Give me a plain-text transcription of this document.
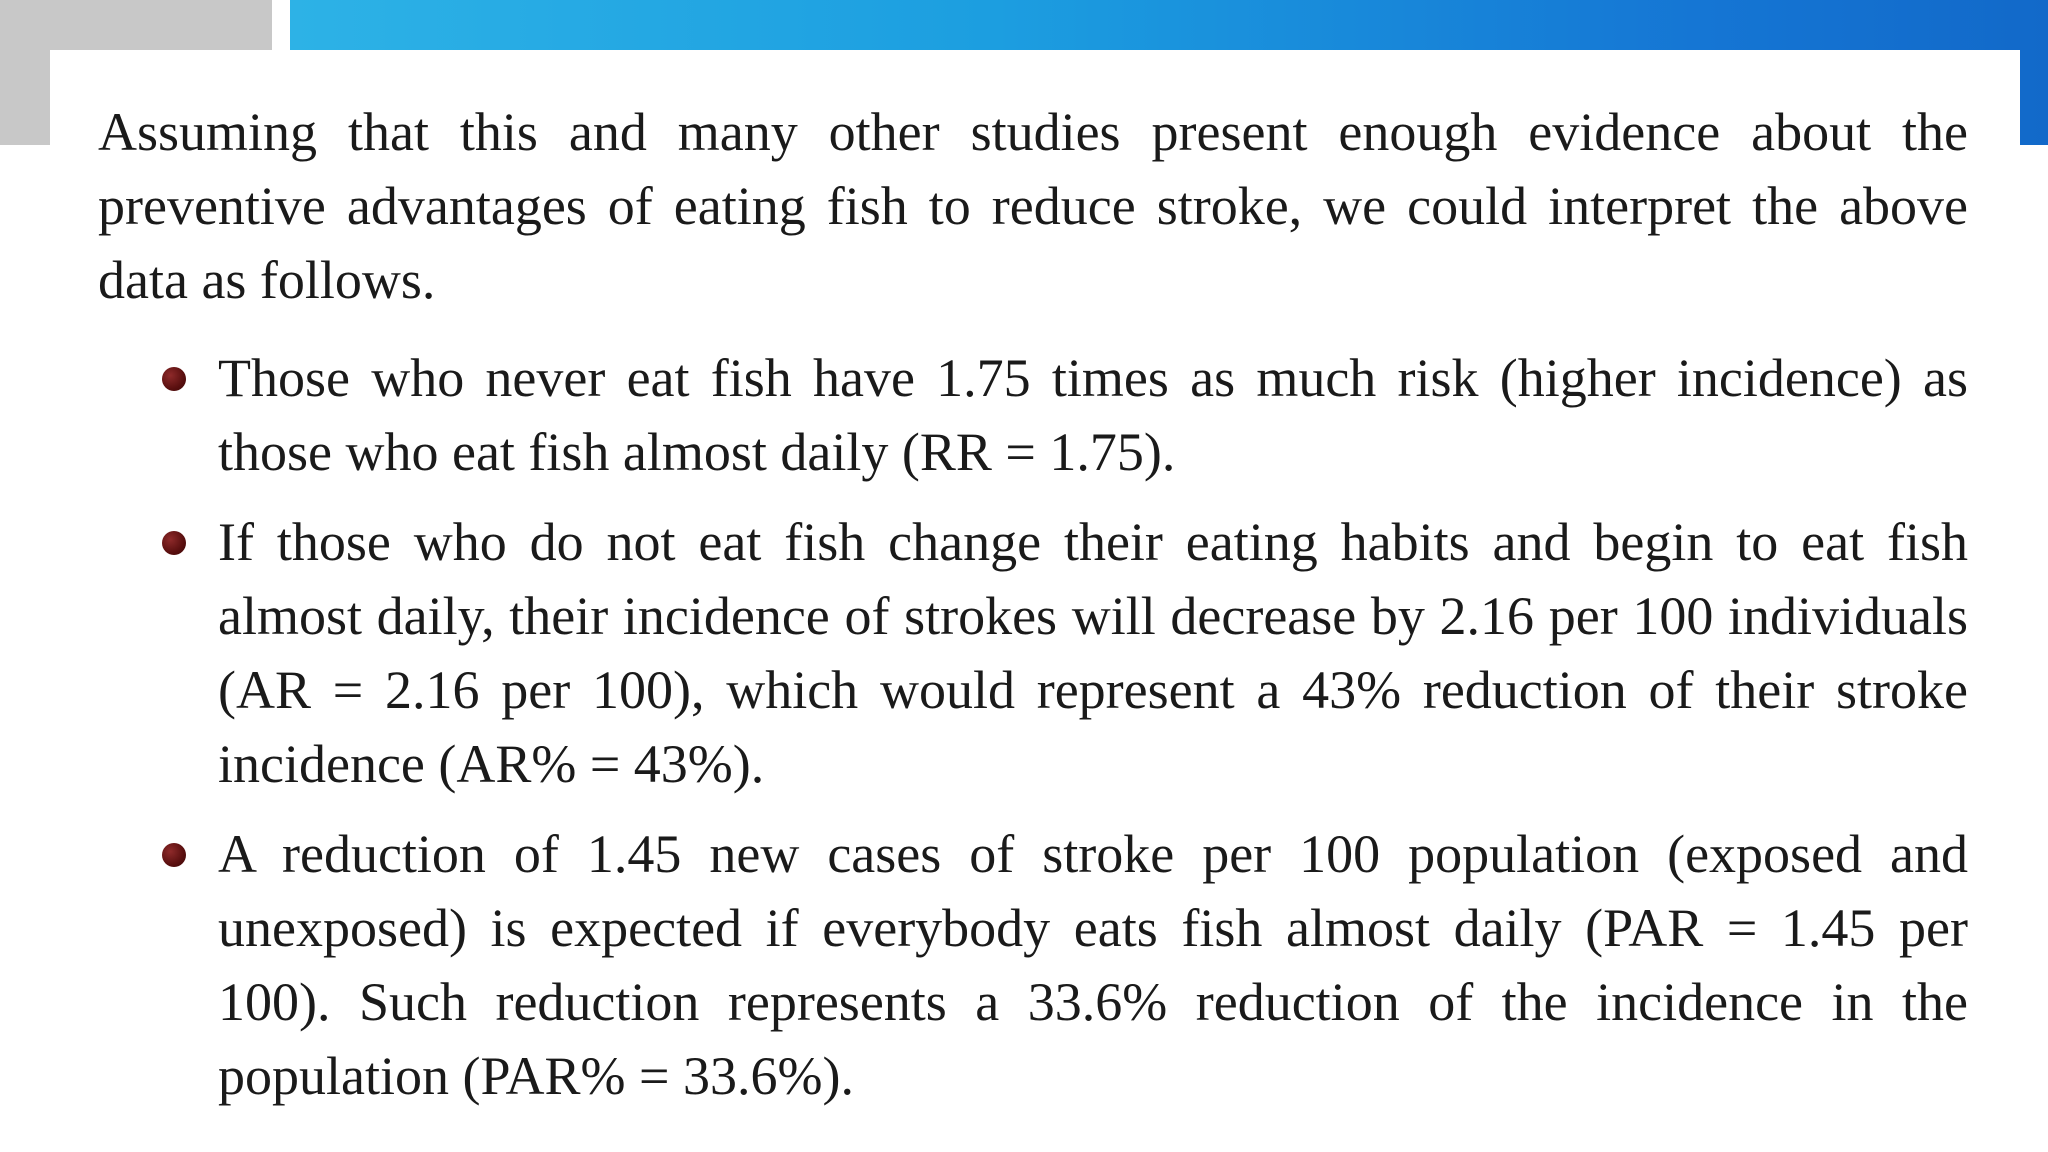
Assuming that this and many other studies present enough evidence about the preventive advantages of eating fish to reduce stroke, we could interpret the above data as follows.

Those who never eat fish have 1.75 times as much risk (higher incidence) as those who eat fish almost daily (RR = 1.75).
If those who do not eat fish change their eating habits and begin to eat fish almost daily, their incidence of strokes will decrease by 2.16 per 100 individuals (AR = 2.16 per 100), which would represent a 43% reduction of their stroke incidence (AR% = 43%).
A reduction of 1.45 new cases of stroke per 100 population (exposed and unexposed) is expected if everybody eats fish almost daily (PAR = 1.45 per 100). Such reduction represents a 33.6% reduction of the incidence in the population (PAR% = 33.6%).
